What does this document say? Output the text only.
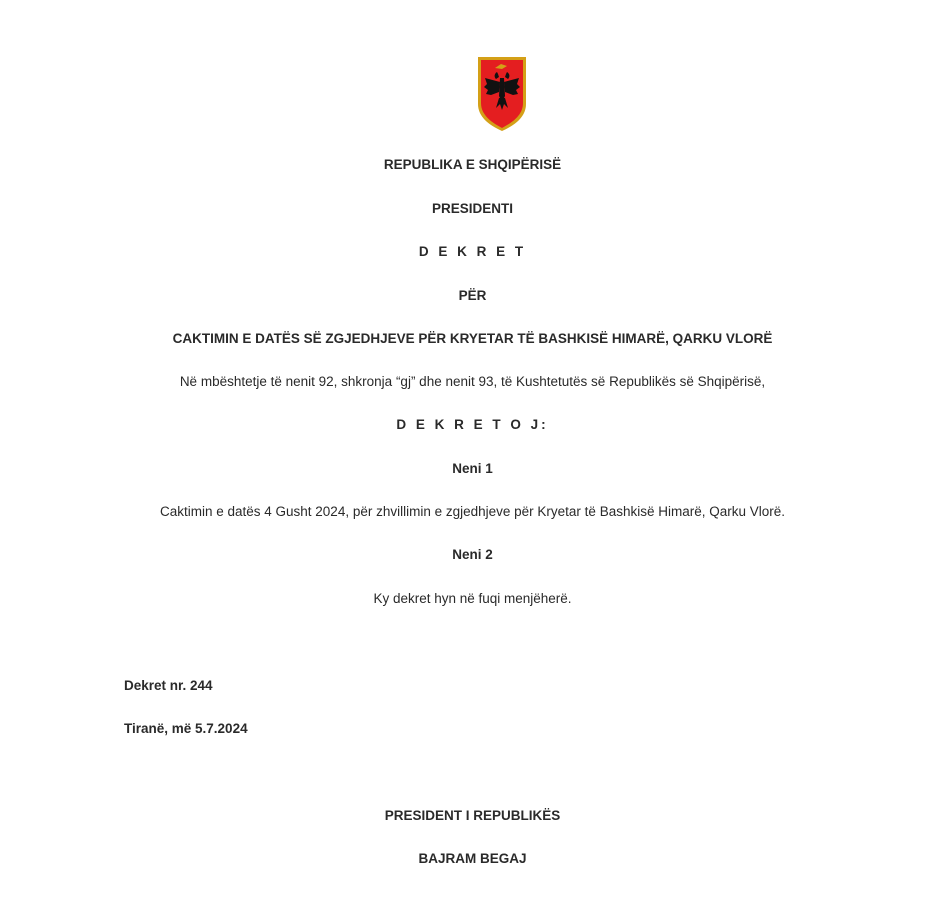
REPUBLIKA E SHQIPËRISË
PRESIDENTI
D E K R E T
PËR
CAKTIMIN E DATËS SË ZGJEDHJEVE PËR KRYETAR TË BASHKISË HIMARË, QARKU VLORË
Në mbështetje të nenit 92, shkronja “gj” dhe nenit 93, të Kushtetutës së Republikës së Shqipërisë,
D E K R E T O J:
Neni 1
Caktimin e datës 4 Gusht 2024, për zhvillimin e zgjedhjeve për Kryetar të Bashkisë Himarë, Qarku Vlorë.
Neni 2
Ky dekret hyn në fuqi menjëherë.
Dekret nr. 244
Tiranë, më 5.7.2024
PRESIDENT I REPUBLIKËS
BAJRAM BEGAJ
